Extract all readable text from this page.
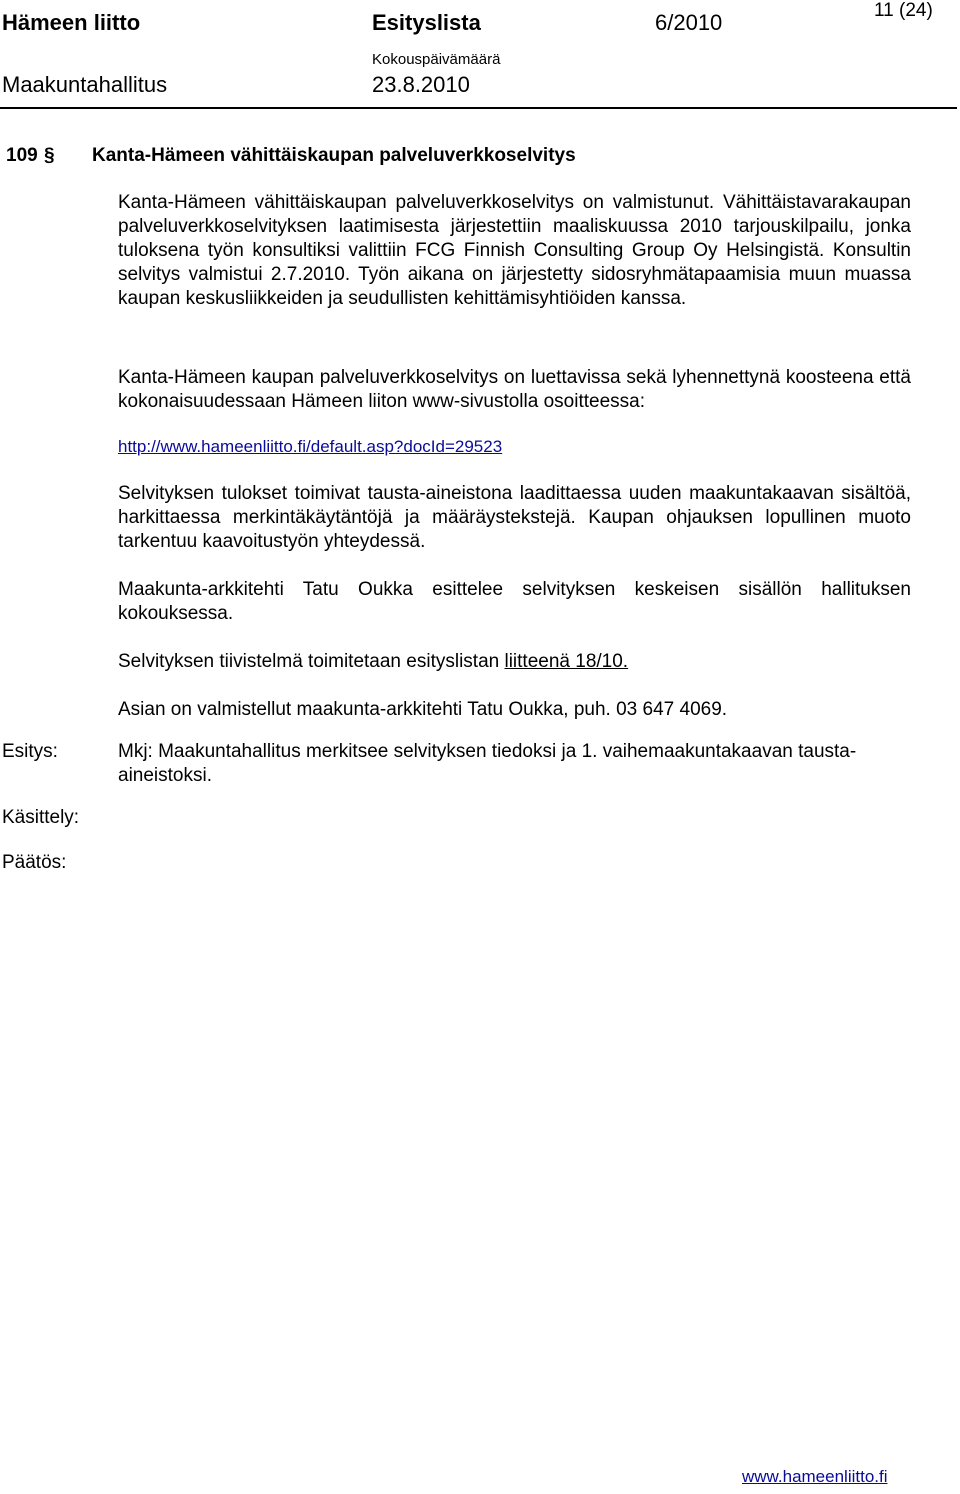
Hämeen liitto	Esityslista	6/2010	11 (24)
Kokouspäivämäärä
Maakuntahallitus	23.8.2010
109 § Kanta-Hämeen vähittäiskaupan palveluverkkoselvitys

Kanta-Hämeen vähittäiskaupan palveluverkkoselvitys on valmistunut. Vähittäistavarakaupan palveluverkkoselvityksen laatimisesta järjestettiin maaliskuussa 2010 tarjouskilpailu, jonka tuloksena työn konsultiksi valittiin FCG Finnish Consulting Group Oy Helsingistä. Konsultin selvitys valmistui 2.7.2010. Työn aikana on järjestetty sidosryhmätapaamisia muun muassa kaupan keskusliikkeiden ja seudullisten kehittämisyhtiöiden kanssa.

Kanta-Hämeen kaupan palveluverkkoselvitys on luettavissa sekä lyhennettynä koosteena että kokonaisuudessaan Hämeen liiton www-sivustolla osoitteessa:

http://www.hameenliitto.fi/default.asp?docId=29523

Selvityksen tulokset toimivat tausta-aineistona laadittaessa uuden maakuntakaavan sisältöä, harkittaessa merkintäkäytäntöjä ja määräystekstejä. Kaupan ohjauksen lopullinen muoto tarkentuu kaavoitustyön yhteydessä.

Maakunta-arkkitehti Tatu Oukka esittelee selvityksen keskeisen sisällön hallituksen kokouksessa.

Selvityksen tiivistelmä toimitetaan esityslistan liitteenä 18/10.
Asian on valmistellut maakunta-arkkitehti Tatu Oukka, puh. 03 647 4069.
Esitys:	Mkj: Maakuntahallitus merkitsee selvityksen tiedoksi ja 1. vaihemaakuntakaavan tausta-aineistoksi.

Käsittely:
Päätös:
www.hameenliitto.fi
